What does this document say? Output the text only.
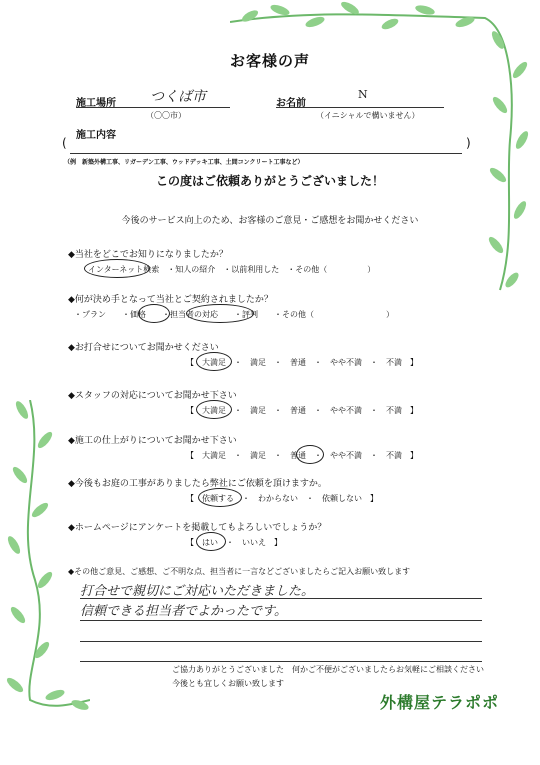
お客様の声
施工場所 つくば市
（〇〇市）
お名前
N
（イニシャルで構いません）
施工内容
(	)
（例　新築外構工事、リガーデン工事、ウッドデッキ工事、土間コンクリート工事など）
この度はご依頼ありがとうございました！
今後のサービス向上のため、お客様のご意見・ご感想をお聞かせください
◆当社をどこでお知りになりましたか？
インターネット検索　・知人の紹介　・以前利用した　・その他（　　　　　）
◆何が決め手となって当社とご契約されましたか？
・プラン　　・価格　　・担当者の対応　　・評判　　・その他（　　　　　　　　　）
◆お打合せについてお聞かせください
【　大満足　・　満足　・　普通　・　やや不満　・　不満　】
◆スタッフの対応についてお聞かせ下さい
【　大満足　・　満足　・　普通　・　やや不満　・　不満　】
◆施工の仕上がりについてお聞かせ下さい
【　大満足　・　満足　・　普通　・　やや不満　・　不満　】
◆今後もお庭の工事がありましたら弊社にご依頼を頂けますか。
【　依頼する　・　わからない　・　依頼しない　】
◆ホームページにアンケートを掲載してもよろしいでしょうか？
【　はい　・　いいえ　】
◆その他ご意見、ご感想、ご不明な点、担当者に一言などございましたらご記入お願い致します
打合せで親切にご対応いただきました。
信頼できる担当者でよかったです。
ご協力ありがとうございました　何かご不便がございましたらお気軽にご相談ください
今後とも宜しくお願い致します
外構屋テラポポ
